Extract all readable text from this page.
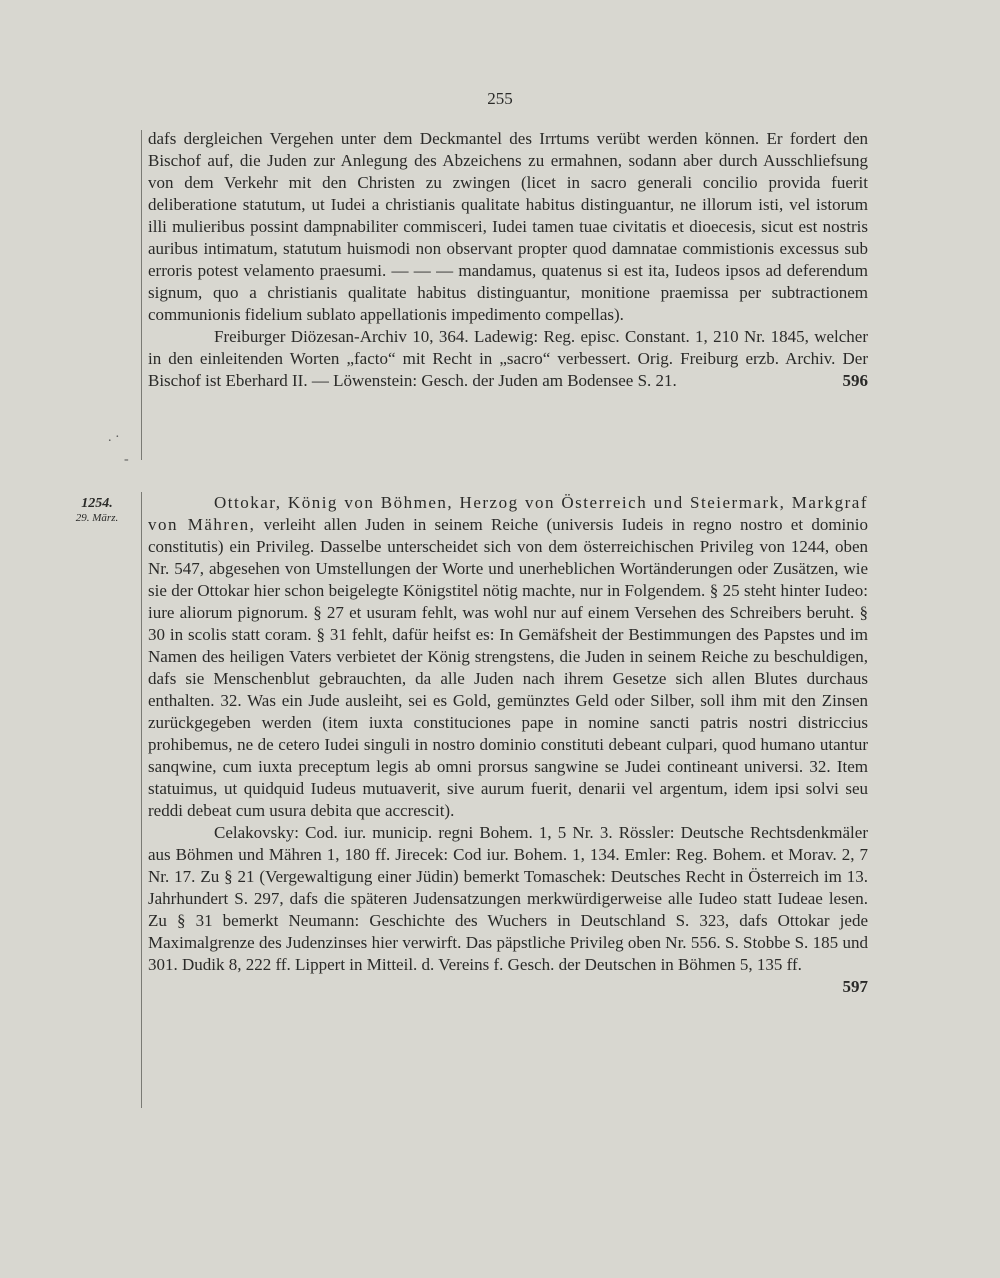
255
. ·
-

dafs dergleichen Vergehen unter dem Deckmantel des Irrtums verübt werden können. Er fordert den Bischof auf, die Juden zur Anlegung des Abzeichens zu ermahnen, sodann aber durch Ausschliefsung von dem Verkehr mit den Christen zu zwingen (licet in sacro generali concilio provida fuerit deliberatione statutum, ut Iudei a christianis qualitate habitus distinguantur, ne illorum isti, vel istorum illi mulieribus possint dampnabiliter commisceri, Iudei tamen tuae civitatis et dioecesis, sicut est nostris auribus intimatum, statutum huismodi non observant propter quod damnatae commistionis excessus sub erroris potest velamento praesumi. — — — mandamus, quatenus si est ita, Iudeos ipsos ad deferendum signum, quo a christianis qualitate habitus distinguantur, monitione praemissa per subtractionem communionis fidelium sublato appellationis impedimento compellas).

Freiburger Diözesan-Archiv 10, 364. Ladewig: Reg. episc. Constant. 1, 210 Nr. 1845, welcher in den einleitenden Worten „facto“ mit Recht in „sacro“ verbessert. Orig. Freiburg erzb. Archiv. Der Bischof ist Eberhard II. — Löwenstein: Gesch. der Juden am Bodensee S. 21.	596

1254.
29. März.

Ottokar, König von Böhmen, Herzog von Österreich und Steiermark, Markgraf von Mähren, verleiht allen Juden in seinem Reiche (universis Iudeis in regno nostro et dominio constitutis) ein Privileg. Dasselbe unterscheidet sich von dem österreichischen Privileg von 1244, oben Nr. 547, abgesehen von Umstellungen der Worte und unerheblichen Wortänderungen oder Zusätzen, wie sie der Ottokar hier schon beigelegte Königstitel nötig machte, nur in Folgendem. § 25 steht hinter Iudeo: iure aliorum pignorum. § 27 et usuram fehlt, was wohl nur auf einem Versehen des Schreibers beruht. § 30 in scolis statt coram. § 31 fehlt, dafür heifst es: In Gemäfsheit der Bestimmungen des Papstes und im Namen des heiligen Vaters verbietet der König strengstens, die Juden in seinem Reiche zu beschuldigen, dafs sie Menschenblut gebrauchten, da alle Juden nach ihrem Gesetze sich allen Blutes durchaus enthalten. 32. Was ein Jude ausleiht, sei es Gold, gemünztes Geld oder Silber, soll ihm mit den Zinsen zurückgegeben werden (item iuxta constituciones pape in nomine sancti patris nostri districcius prohibemus, ne de cetero Iudei singuli in nostro dominio constituti debeant culpari, quod humano utantur sanqwine, cum iuxta preceptum legis ab omni prorsus sangwine se Judei contineant universi. 32. Item statuimus, ut quidquid Iudeus mutuaverit, sive aurum fuerit, denarii vel argentum, idem ipsi solvi seu reddi debeat cum usura debita que accrescit).

Celakovsky: Cod. iur. municip. regni Bohem. 1, 5 Nr. 3. Rössler: Deutsche Rechtsdenkmäler aus Böhmen und Mähren 1, 180 ff. Jirecek: Cod iur. Bohem. 1, 134. Emler: Reg. Bohem. et Morav. 2, 7 Nr. 17. Zu § 21 (Vergewaltigung einer Jüdin) bemerkt Tomaschek: Deutsches Recht in Österreich im 13. Jahrhundert S. 297, dafs die späteren Judensatzungen merkwürdigerweise alle Iudeo statt Iudeae lesen. Zu § 31 bemerkt Neumann: Geschichte des Wuchers in Deutschland S. 323, dafs Ottokar jede Maximalgrenze des Judenzinses hier verwirft. Das päpstliche Privileg oben Nr. 556. S. Stobbe S. 185 und 301. Dudik 8, 222 ff. Lippert in Mitteil. d. Vereins f. Gesch. der Deutschen in Böhmen 5, 135 ff.
597
